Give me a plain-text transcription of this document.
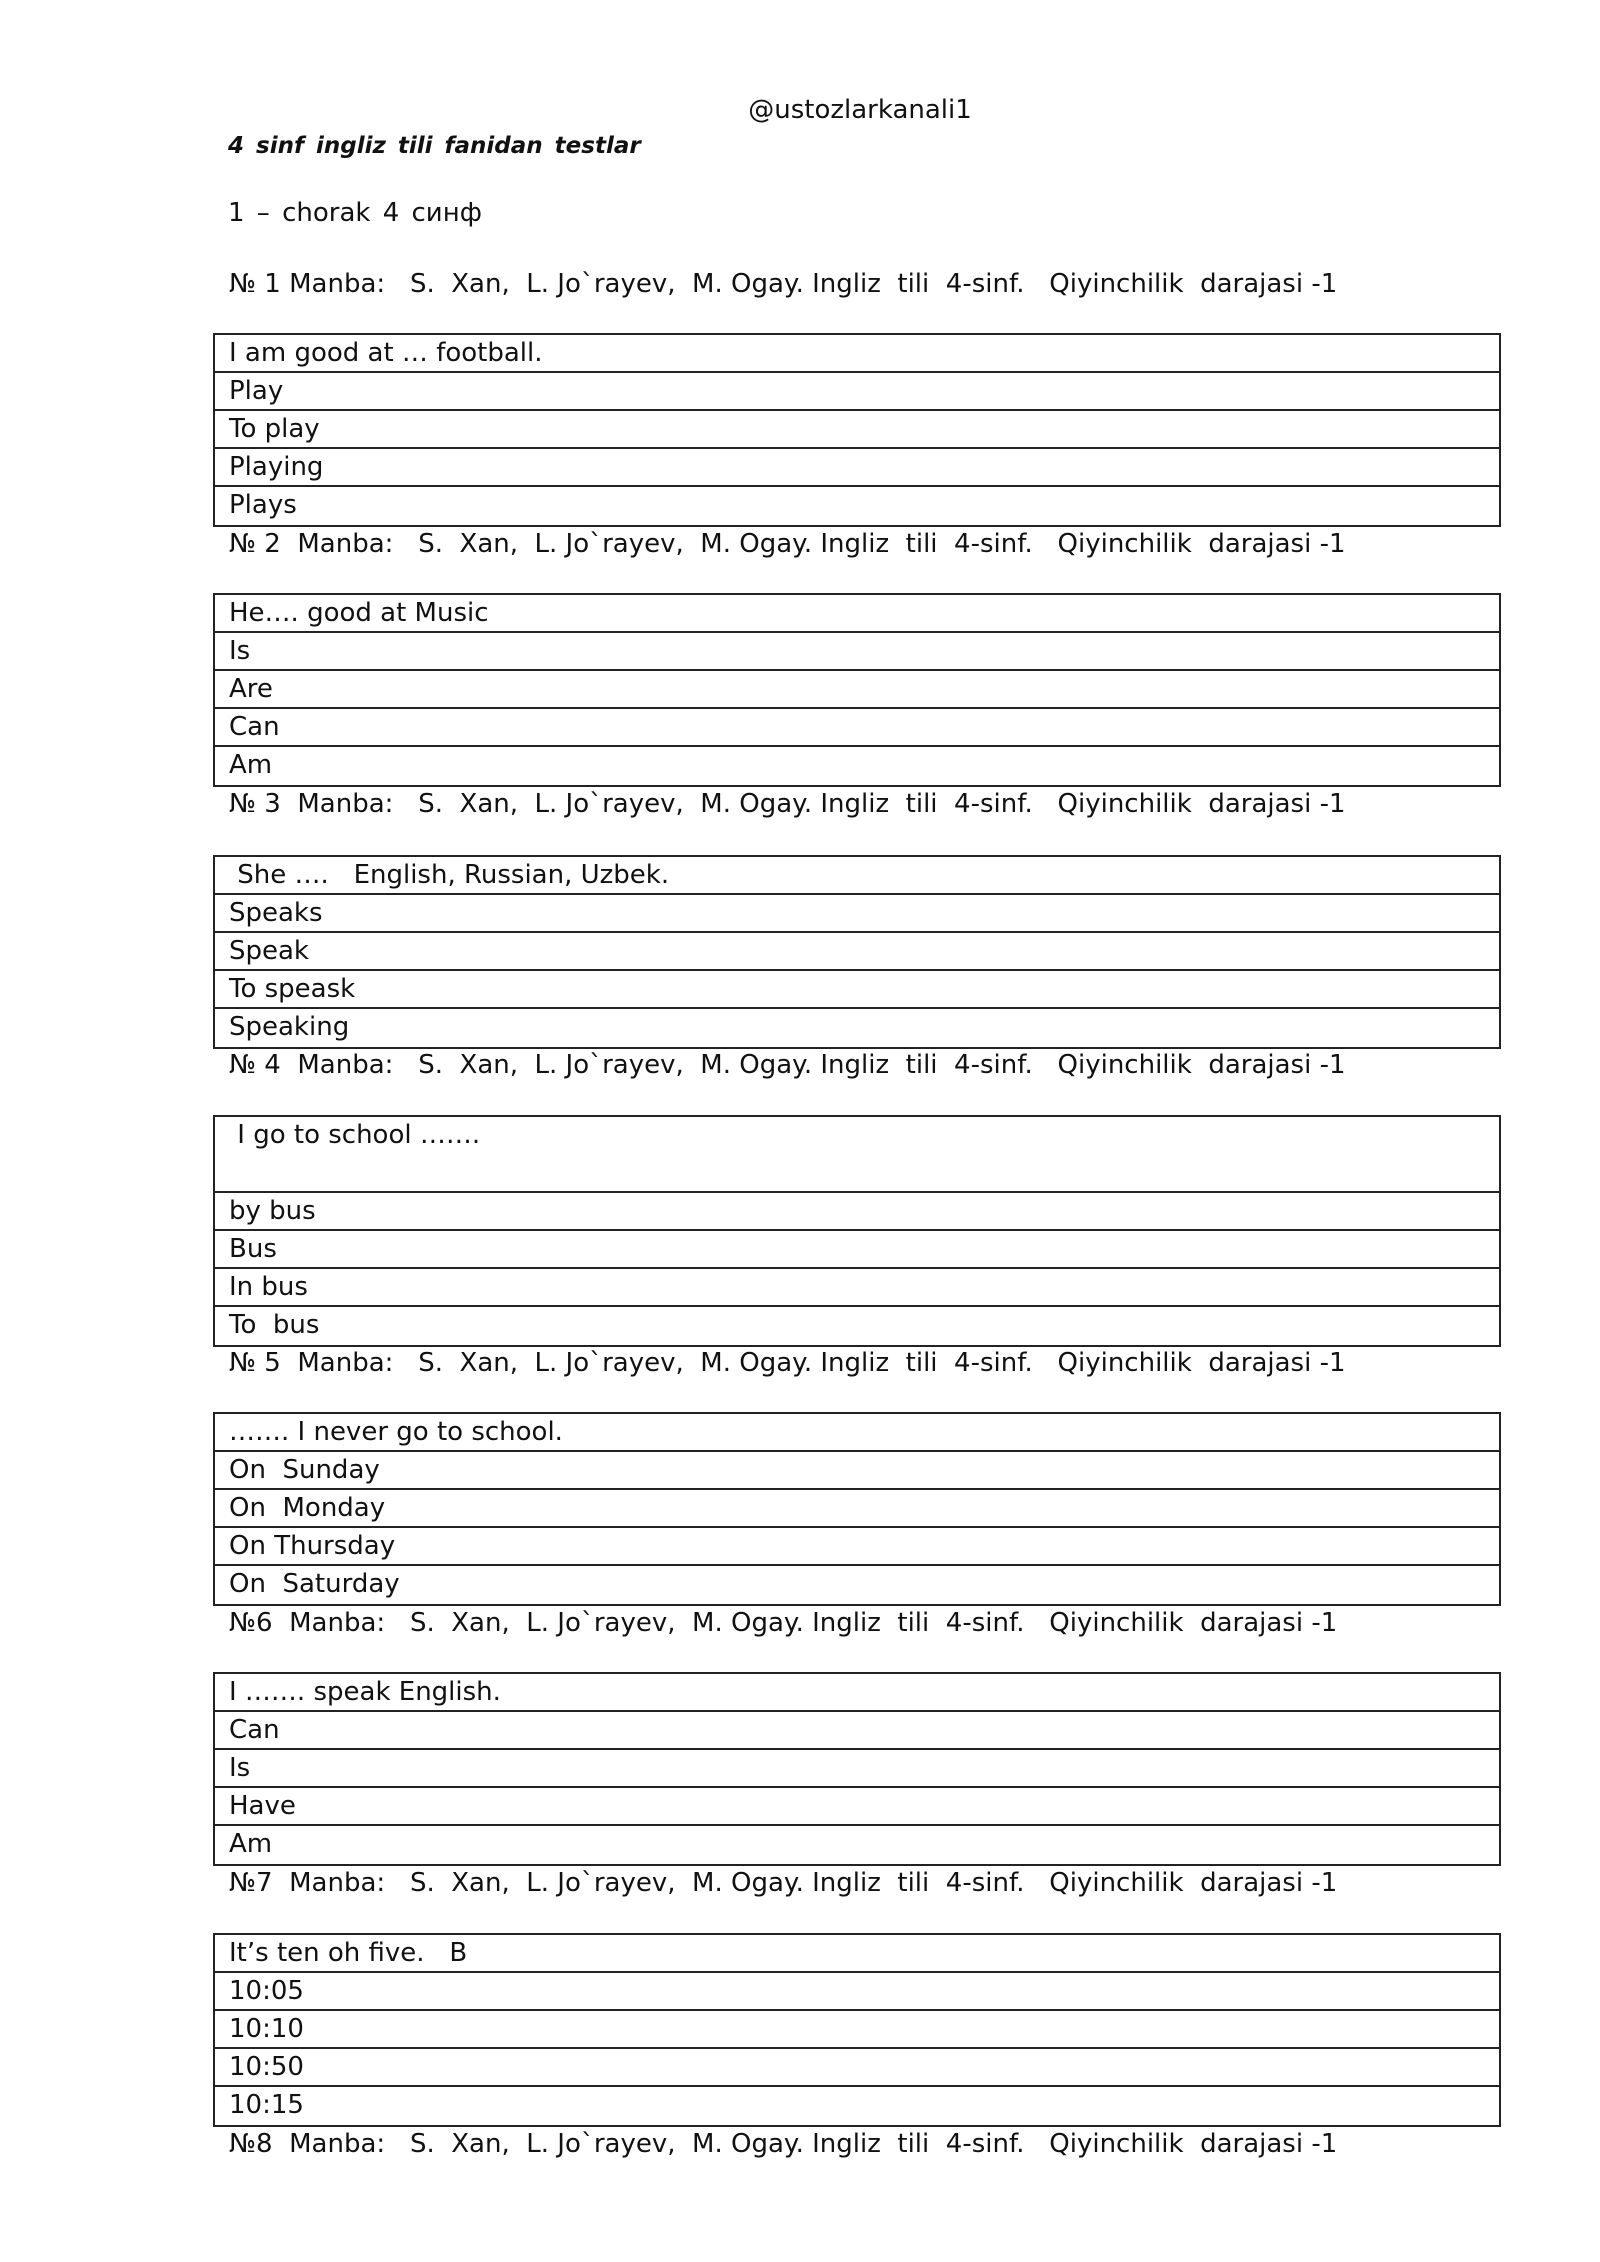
@ustozlarkanali1
4 sinf ingliz tili fanidan testlar
1 – chorak 4 синф
№ 1 Manba:   S.  Xan,  L. Jo`rayev,  M. Ogay. Ingliz  tili  4-sinf.   Qiyinchilik  darajasi -1
I am good at … football.
Play
To play
Playing
Plays
№ 2  Manba:   S.  Xan,  L. Jo`rayev,  M. Ogay. Ingliz  tili  4-sinf.   Qiyinchilik  darajasi -1
He…. good at Music
Is
Are
Can
Am
№ 3  Manba:   S.  Xan,  L. Jo`rayev,  M. Ogay. Ingliz  tili  4-sinf.   Qiyinchilik  darajasi -1
She ….   English, Russian, Uzbek.
Speaks
Speak
To speask
Speaking
№ 4  Manba:   S.  Xan,  L. Jo`rayev,  M. Ogay. Ingliz  tili  4-sinf.   Qiyinchilik  darajasi -1
I go to school …….
by bus
Bus
In bus
To  bus
№ 5  Manba:   S.  Xan,  L. Jo`rayev,  M. Ogay. Ingliz  tili  4-sinf.   Qiyinchilik  darajasi -1
……. I never go to school.
On  Sunday
On  Monday
On Thursday
On  Saturday
№6  Manba:   S.  Xan,  L. Jo`rayev,  M. Ogay. Ingliz  tili  4-sinf.   Qiyinchilik  darajasi -1
I ……. speak English.
Can
Is
Have
Am
№7  Manba:   S.  Xan,  L. Jo`rayev,  M. Ogay. Ingliz  tili  4-sinf.   Qiyinchilik  darajasi -1
It’s ten oh five.   B
10:05
10:10
10:50
10:15
№8  Manba:   S.  Xan,  L. Jo`rayev,  M. Ogay. Ingliz  tili  4-sinf.   Qiyinchilik  darajasi -1
